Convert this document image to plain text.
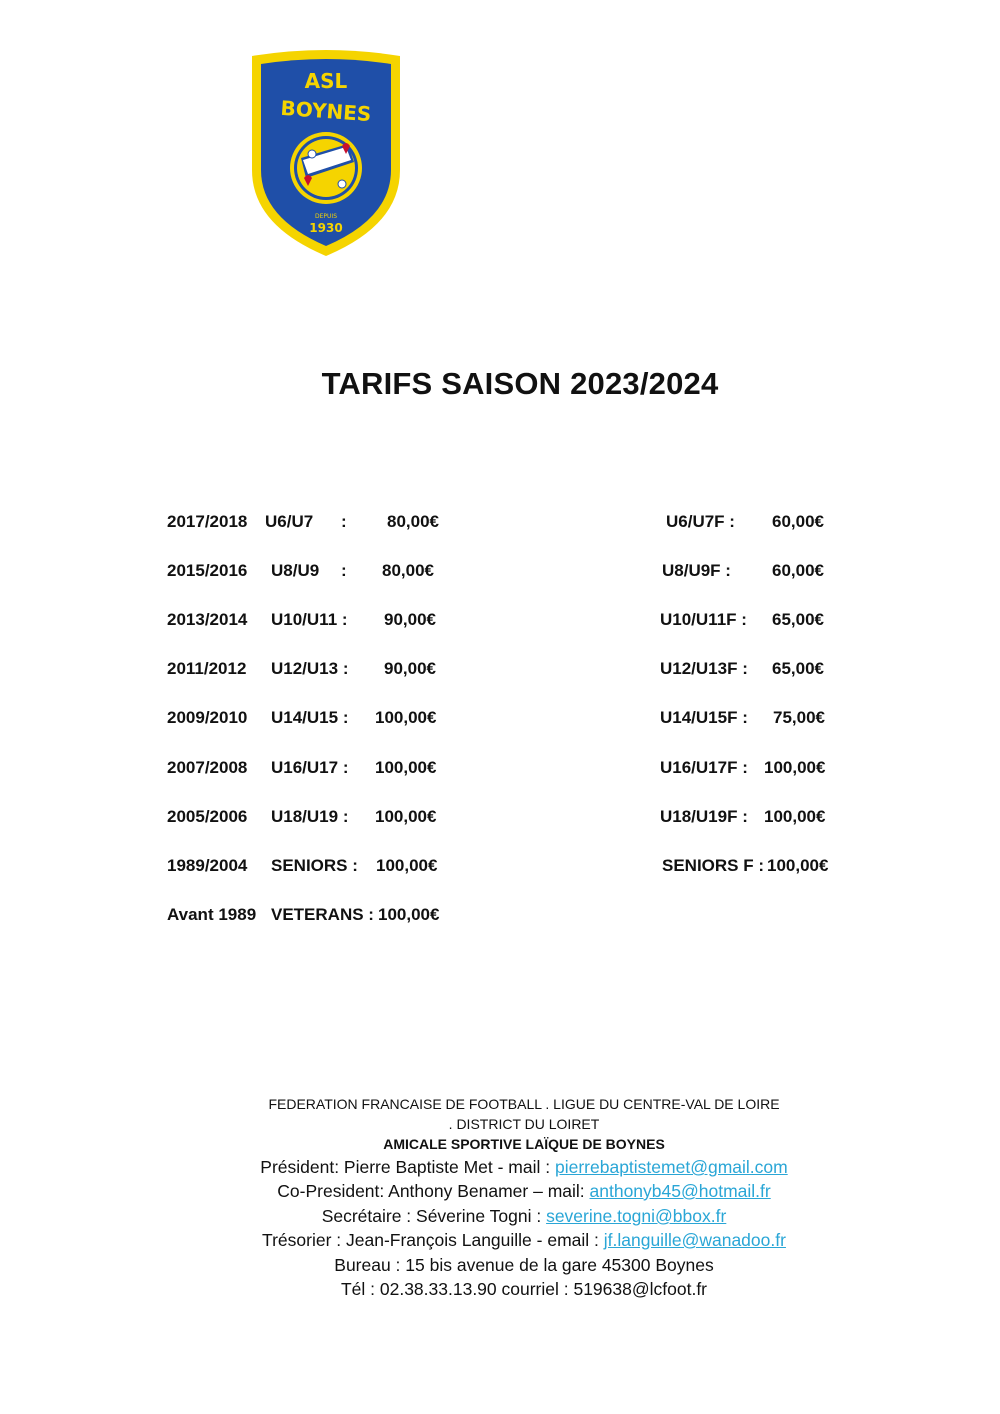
ASL
BOYNES
DEPUIS
1930
TARIFS SAISON 2023/2024

2017/2018

U6/U7

:

80,00€

2015/2016

U8/U9

:

80,00€

2013/2014

U10/U11 :

90,00€

2011/2012

U12/U13 :

90,00€

2009/2010

U14/U15 :

100,00€

2007/2008

U16/U17 :

100,00€

2005/2006

U18/U19 :

100,00€

1989/2004

SENIORS :

100,00€

Avant 1989

VETERANS :

100,00€

U6/U7F :

60,00€

U8/U9F :

60,00€

U10/U11F :

65,00€

U12/U13F :

65,00€

U14/U15F :

75,00€

U16/U17F :

100,00€

U18/U19F :

100,00€

SENIORS F :

100,00€

FEDERATION FRANCAISE DE FOOTBALL . LIGUE DU CENTRE-VAL DE LOIRE
. DISTRICT DU LOIRET
AMICALE SPORTIVE LAÏQUE DE BOYNES
Président: Pierre Baptiste Met - mail : pierrebaptistemet@gmail.com
Co-President: Anthony Benamer – mail: anthonyb45@hotmail.fr
Secrétaire : Séverine Togni : severine.togni@bbox.fr
Trésorier : Jean-François Languille - email : jf.languille@wanadoo.fr
Bureau : 15 bis avenue de la gare 45300 Boynes
Tél : 02.38.33.13.90 courriel : 519638@lcfoot.fr
